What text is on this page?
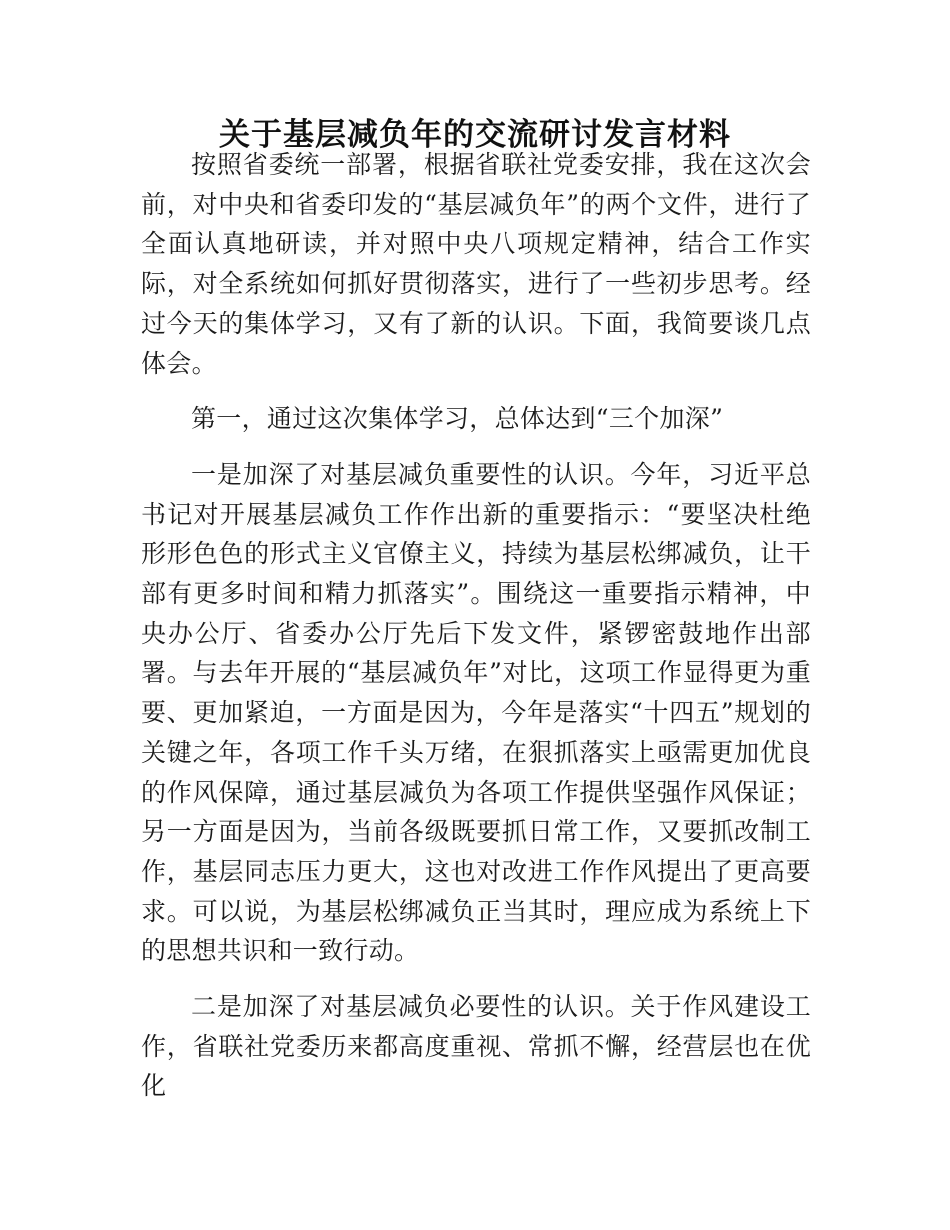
关于基层减负年的交流研讨发言材料

按照省委统一部署，根据省联社党委安排，我在这次会前，对中央和省委印发的“基层减负年”的两个文件，进行了全面认真地研读，并对照中央八项规定精神，结合工作实际，对全系统如何抓好贯彻落实，进行了一些初步思考。经过今天的集体学习，又有了新的认识。下面，我简要谈几点体会。

第一，通过这次集体学习，总体达到“三个加深”

一是加深了对基层减负重要性的认识。今年，习近平总书记对开展基层减负工作作出新的重要指示：“要坚决杜绝形形色色的形式主义官僚主义，持续为基层松绑减负，让干部有更多时间和精力抓落实”。围绕这一重要指示精神，中央办公厅、省委办公厅先后下发文件，紧锣密鼓地作出部署。与去年开展的“基层减负年”对比，这项工作显得更为重要、更加紧迫，一方面是因为，今年是落实“十四五”规划的关键之年，各项工作千头万绪，在狠抓落实上亟需更加优良的作风保障，通过基层减负为各项工作提供坚强作风保证；另一方面是因为，当前各级既要抓日常工作，又要抓改制工作，基层同志压力更大，这也对改进工作作风提出了更高要求。可以说，为基层松绑减负正当其时，理应成为系统上下的思想共识和一致行动。

二是加深了对基层减负必要性的认识。关于作风建设工作，省联社党委历来都高度重视、常抓不懈，经营层也在优化
